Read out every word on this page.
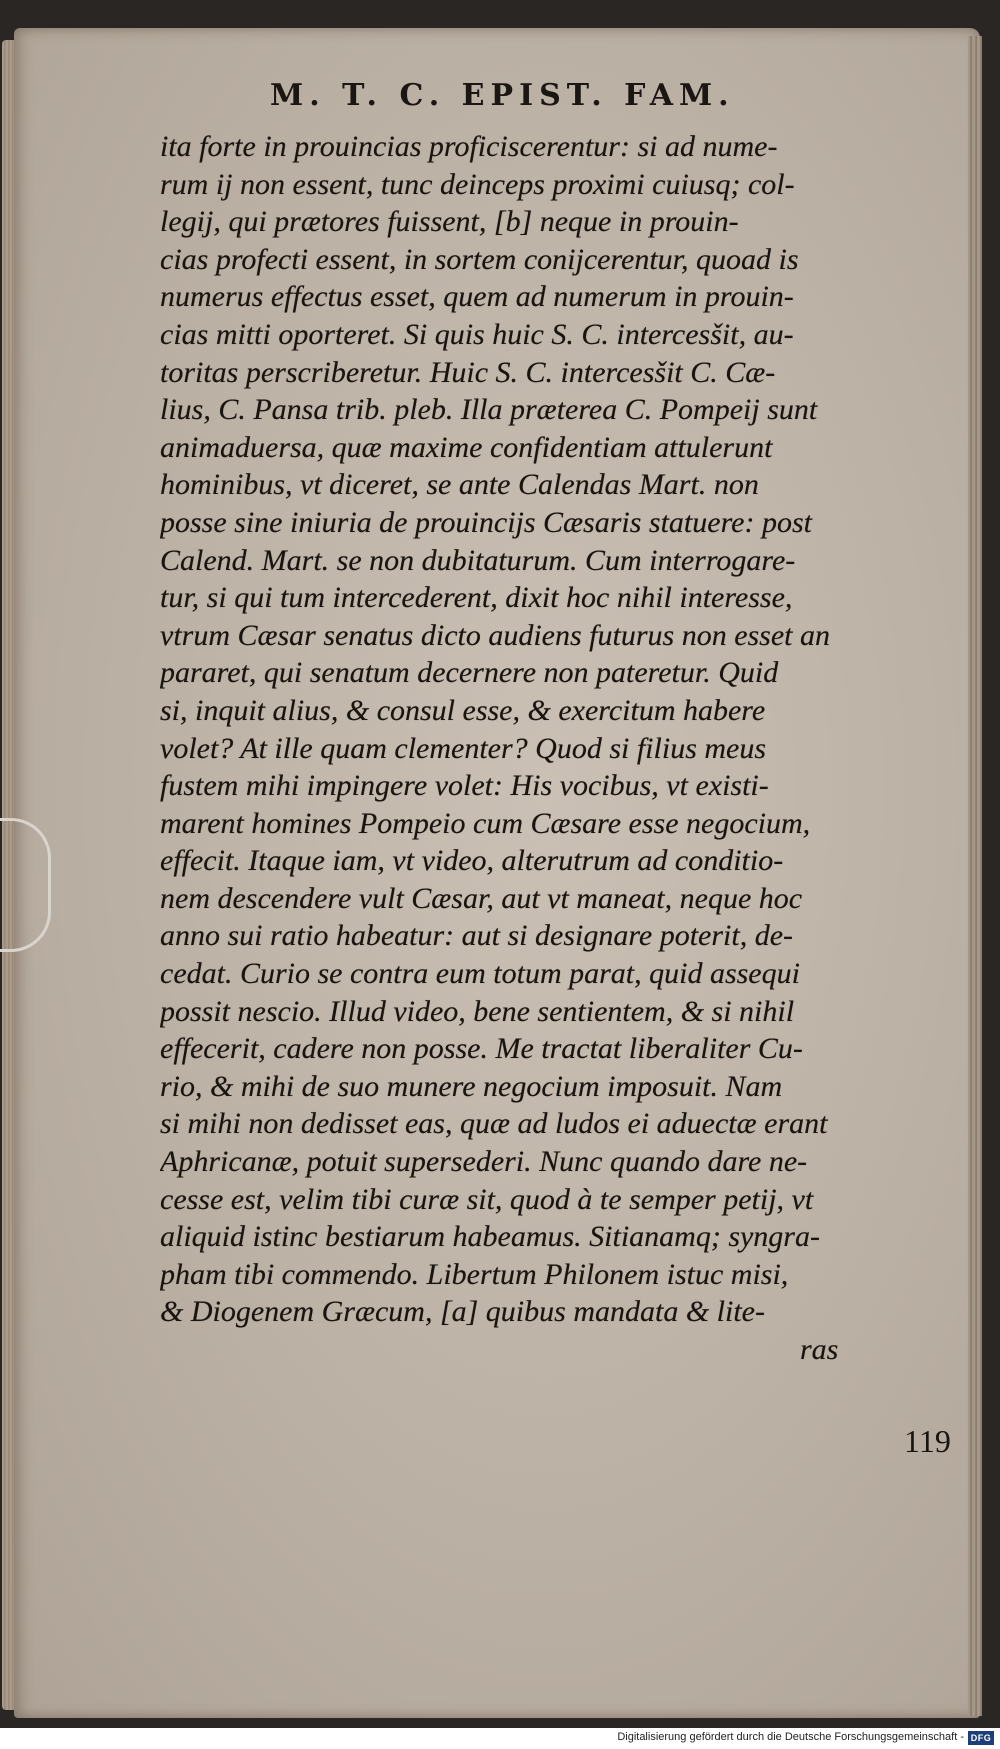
M. T. C. EPIST. FAM.
ita forte in prouincias proficiscerentur: si ad nume-
rum ij non essent, tunc deinceps proximi cuiusq; col-
legij, qui prætores fuissent, [b] neque in prouin-
cias profecti essent, in sortem conijcerentur, quoad is
numerus effectus esset, quem ad numerum in prouin-
cias mitti oporteret. Si quis huic S. C. intercesšit, au-
toritas perscriberetur. Huic S. C. intercesšit C. Cæ-
lius, C. Pansa trib. pleb. Illa præterea C. Pompeij sunt
animaduersa, quæ maxime confidentiam attulerunt
hominibus, vt diceret, se ante Calendas Mart. non
posse sine iniuria de prouincijs Cæsaris statuere: post
Calend. Mart. se non dubitaturum. Cum interrogare-
tur, si qui tum intercederent, dixit hoc nihil interesse,
vtrum Cæsar senatus dicto audiens futurus non esset an
pararet, qui senatum decernere non pateretur. Quid
si, inquit alius, & consul esse, & exercitum habere
volet? At ille quam clementer? Quod si filius meus
fustem mihi impingere volet: His vocibus, vt existi-
marent homines Pompeio cum Cæsare esse negocium,
effecit. Itaque iam, vt video, alterutrum ad conditio-
nem descendere vult Cæsar, aut vt maneat, neque hoc
anno sui ratio habeatur: aut si designare poterit, de-
cedat. Curio se contra eum totum parat, quid assequi
possit nescio. Illud video, bene sentientem, & si nihil
effecerit, cadere non posse. Me tractat liberaliter Cu-
rio, & mihi de suo munere negocium imposuit. Nam
si mihi non dedisset eas, quæ ad ludos ei aduectæ erant
Aphricanæ, potuit supersederi. Nunc quando dare ne-
cesse est, velim tibi curæ sit, quod à te semper petij, vt
aliquid istinc bestiarum habeamus. Sitianamq; syngra-
pham tibi commendo. Libertum Philonem istuc misi,
& Diogenem Græcum, [a] quibus mandata & lite-
ras
119
Digitalisierung gefördert durch die Deutsche Forschungsgemeinschaft - DFG
